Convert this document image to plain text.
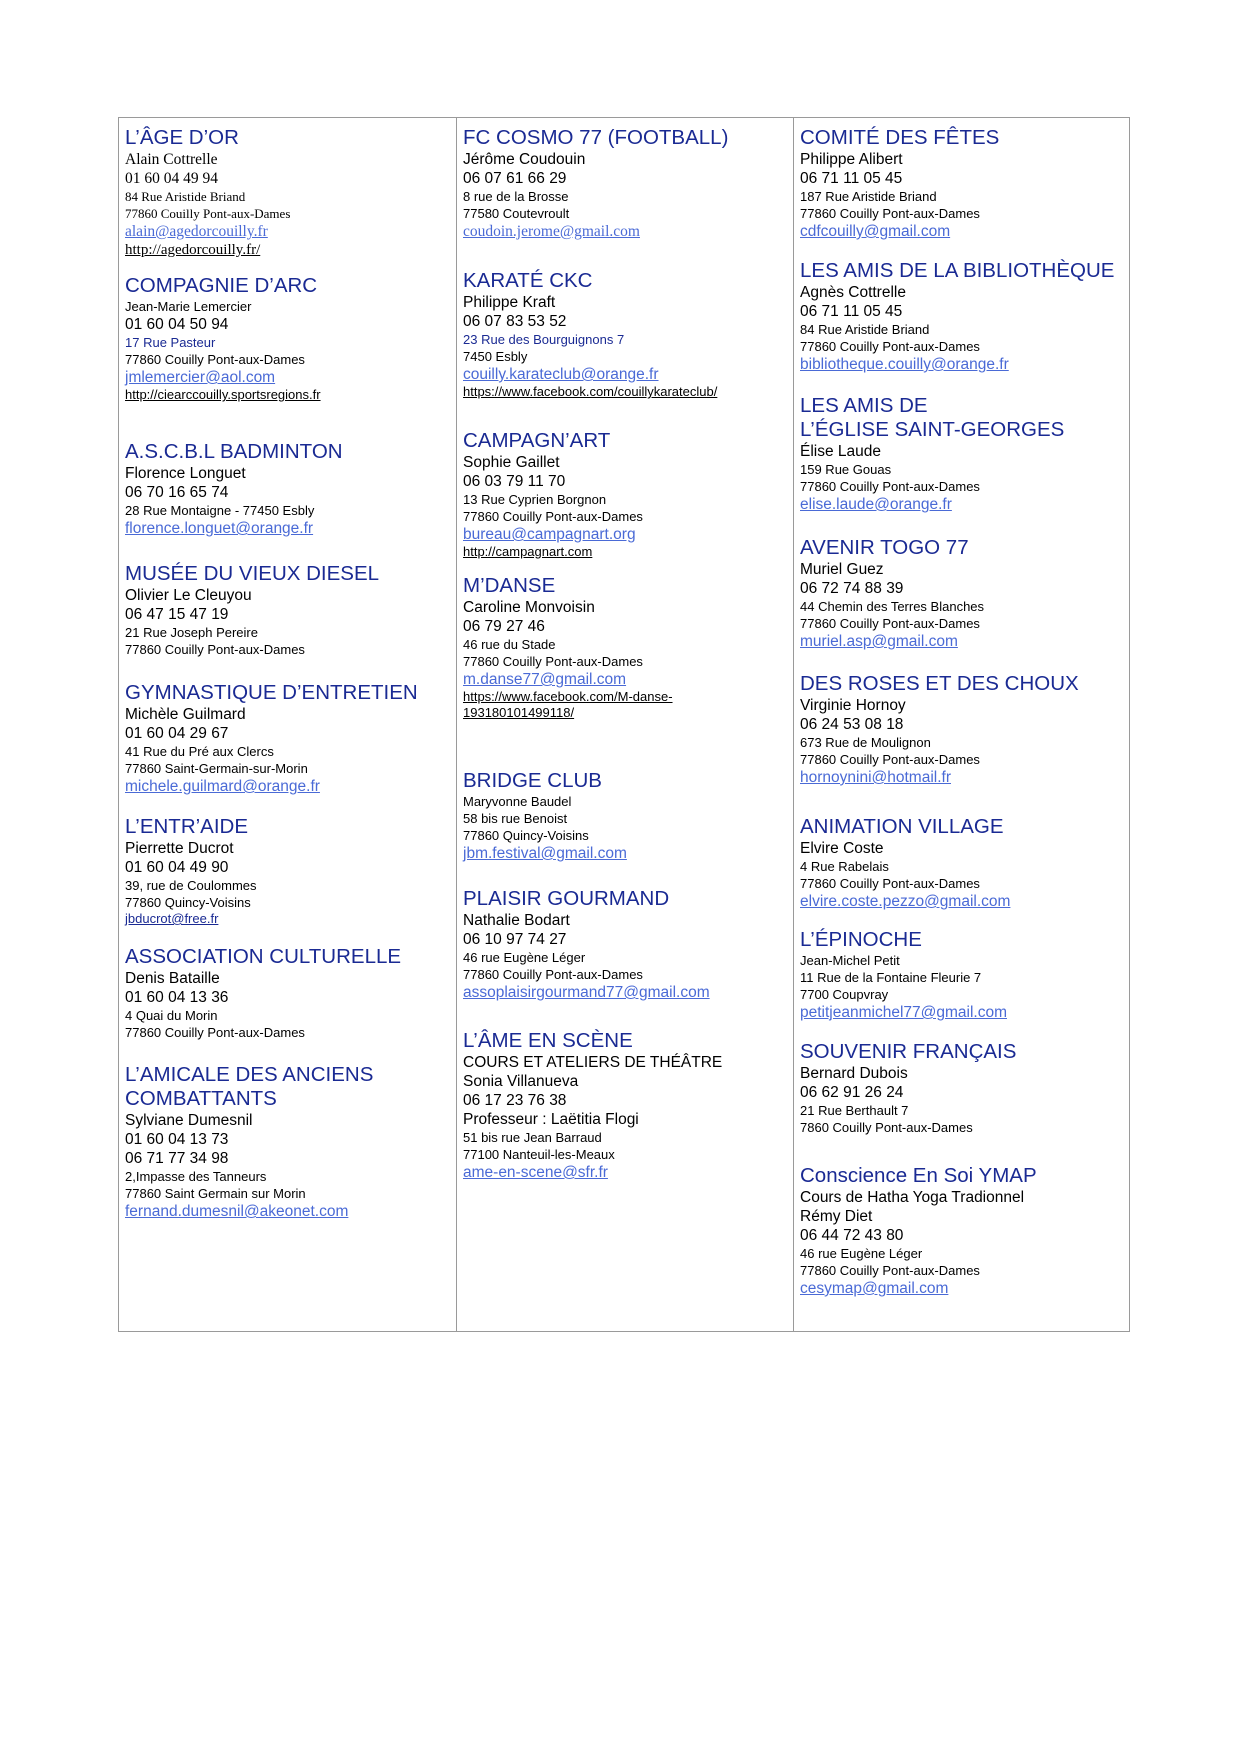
L’ÂGE D’OR
Alain Cottrelle
01 60 04 49 94
84 Rue Aristide Briand
77860 Couilly Pont-aux-Dames
alain@agedorcouilly.fr
http://agedorcouilly.fr/
COMPAGNIE D’ARC
Jean-Marie Lemercier
01 60 04 50 94
17 Rue Pasteur
77860 Couilly Pont-aux-Dames
jmlemercier@aol.com
http://ciearccouilly.sportsregions.fr
A.S.C.B.L BADMINTON
Florence Longuet
06 70 16 65 74
28 Rue Montaigne - 77450 Esbly
florence.longuet@orange.fr
MUSÉE DU VIEUX DIESEL
Olivier Le Cleuyou
06 47 15 47 19
21 Rue Joseph Pereire
77860 Couilly Pont-aux-Dames
GYMNASTIQUE D’ENTRETIEN
Michèle Guilmard
01 60 04 29 67
41 Rue du Pré aux Clercs
77860 Saint-Germain-sur-Morin
michele.guilmard@orange.fr
L’ENTR’AIDE
Pierrette Ducrot
01 60 04 49 90
39, rue de Coulommes
77860 Quincy-Voisins
jbducrot@free.fr
ASSOCIATION CULTURELLE
Denis Bataille
01 60 04 13 36
4 Quai du Morin
77860 Couilly Pont-aux-Dames
L’AMICALE DES ANCIENS
COMBATTANTS
Sylviane Dumesnil
01 60 04 13 73
06 71 77 34 98
2,Impasse des Tanneurs
77860 Saint Germain sur Morin
fernand.dumesnil@akeonet.com
FC COSMO 77 (FOOTBALL)
Jérôme Coudouin
06 07 61 66 29
8 rue de la Brosse
77580 Coutevroult
coudoin.jerome@gmail.com
KARATÉ CKC
Philippe Kraft
06 07 83 53 52
23 Rue des Bourguignons 7
7450 Esbly
couilly.karateclub@orange.fr
https://www.facebook.com/couillykarateclub/
CAMPAGN’ART
Sophie Gaillet
06 03 79 11 70
13 Rue Cyprien Borgnon
77860 Couilly Pont-aux-Dames
bureau@campagnart.org
http://campagnart.com
M’DANSE
Caroline Monvoisin
06 79 27 46
46 rue du Stade
77860 Couilly Pont-aux-Dames
m.danse77@gmail.com
https://www.facebook.com/M-danse-
193180101499118/
BRIDGE CLUB
Maryvonne Baudel
58 bis rue Benoist
77860 Quincy-Voisins
jbm.festival@gmail.com
PLAISIR GOURMAND
Nathalie Bodart
06 10 97 74 27
46 rue Eugène Léger
77860 Couilly Pont-aux-Dames
assoplaisirgourmand77@gmail.com
L’ÂME EN SCÈNE
COURS ET ATELIERS DE THÉÂTRE
Sonia Villanueva
06 17 23 76 38
Professeur : Laëtitia Flogi
51 bis rue Jean Barraud
77100 Nanteuil-les-Meaux
ame-en-scene@sfr.fr
COMITÉ DES FÊTES
Philippe Alibert
06 71 11 05 45
187 Rue Aristide Briand
77860 Couilly Pont-aux-Dames
cdfcouilly@gmail.com
LES AMIS DE LA BIBLIOTHÈQUE
Agnès Cottrelle
06 71 11 05 45
84 Rue Aristide Briand
77860 Couilly Pont-aux-Dames
bibliotheque.couilly@orange.fr
LES AMIS DE
L’ÉGLISE SAINT-GEORGES
Élise Laude
159 Rue Gouas
77860 Couilly Pont-aux-Dames
elise.laude@orange.fr
AVENIR TOGO 77
Muriel Guez
06 72 74 88 39
44 Chemin des Terres Blanches
77860 Couilly Pont-aux-Dames
muriel.asp@gmail.com
DES ROSES ET DES CHOUX
Virginie Hornoy
06 24 53 08 18
673 Rue de Moulignon
77860 Couilly Pont-aux-Dames
hornoynini@hotmail.fr
ANIMATION VILLAGE
Elvire Coste
4 Rue Rabelais
77860 Couilly Pont-aux-Dames
elvire.coste.pezzo@gmail.com
L’ÉPINOCHE
Jean-Michel Petit
11 Rue de la Fontaine Fleurie 7
7700 Coupvray
petitjeanmichel77@gmail.com
SOUVENIR FRANÇAIS
Bernard Dubois
06 62 91 26 24
21 Rue Berthault 7
7860 Couilly Pont-aux-Dames
Conscience En Soi YMAP
Cours de Hatha Yoga Tradionnel
Rémy Diet
06 44 72 43 80
46 rue Eugène Léger
77860 Couilly Pont-aux-Dames
cesymap@gmail.com
